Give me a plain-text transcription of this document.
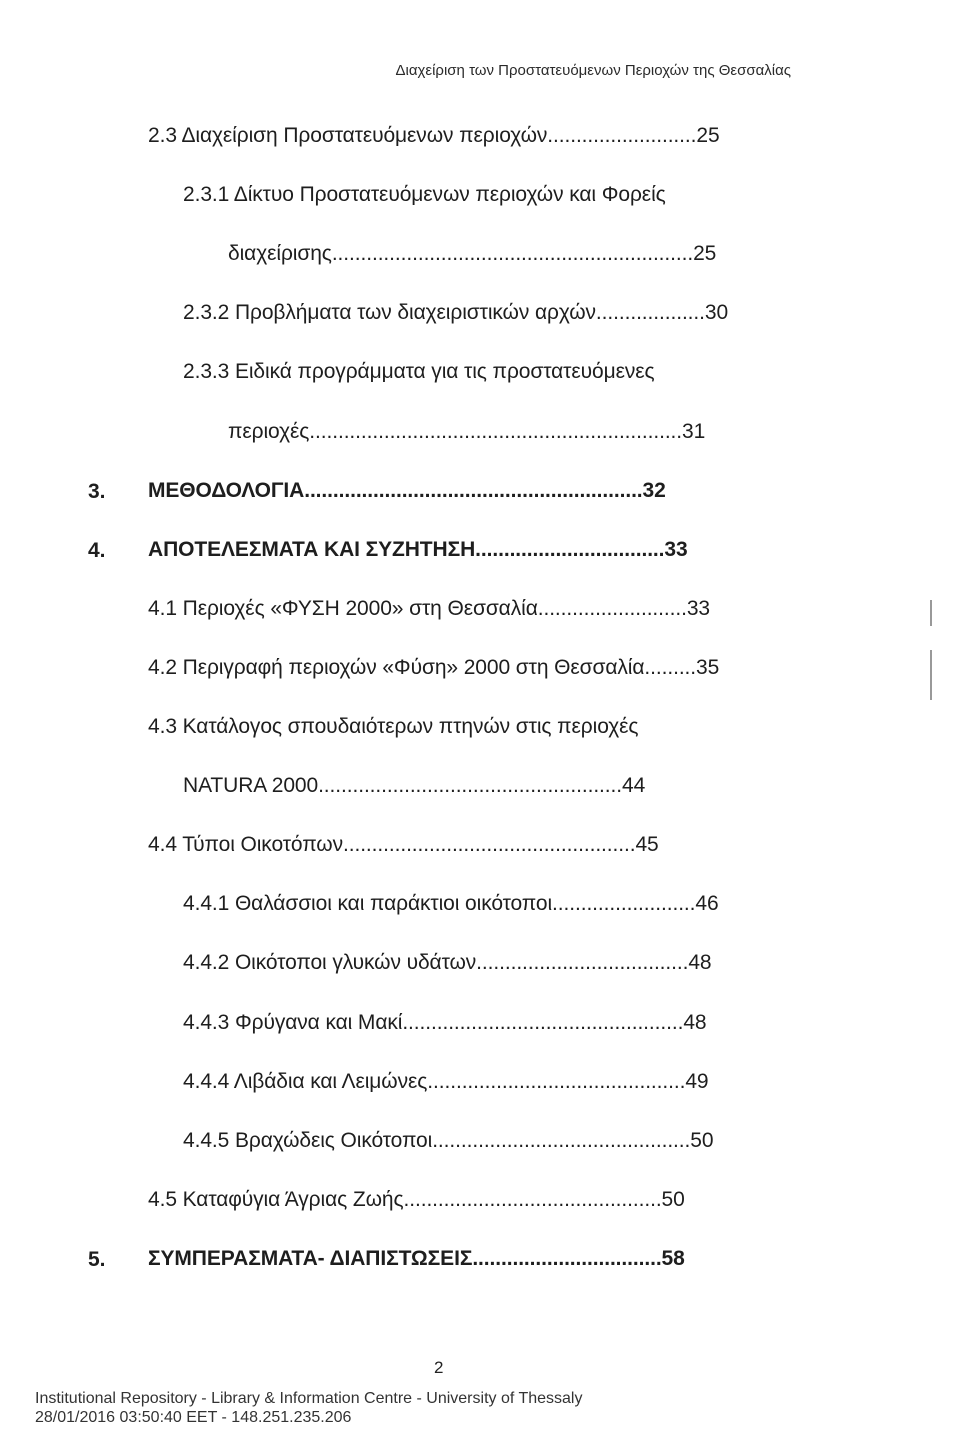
Διαχείριση των Προστατευόμενων Περιοχών της Θεσσαλίας
2.3 Διαχείριση Προστατευόμενων περιοχών..........................25
2.3.1 Δίκτυο Προστατευόμενων περιοχών και Φορείς
διαχείρισης...............................................................25
2.3.2 Προβλήματα των διαχειριστικών αρχών...................30
2.3.3 Ειδικά προγράμματα για τις προστατευόμενες
περιοχές.................................................................31
3. ΜΕΘΟΔΟΛΟΓΙΑ...........................................................32
4. ΑΠΟΤΕΛΕΣΜΑΤΑ ΚΑΙ ΣΥΖΗΤΗΣΗ.................................33
4.1 Περιοχές «ΦΥΣΗ 2000» στη Θεσσαλία..........................33
4.2 Περιγραφή περιοχών «Φύση» 2000 στη Θεσσαλία.........35
4.3 Κατάλογος σπουδαιότερων πτηνών στις περιοχές
NATURA 2000.....................................................44
4.4 Τύποι Οικοτόπων...................................................45
4.4.1 Θαλάσσιοι και παράκτιοι οικότοποι.........................46
4.4.2 Οικότοποι γλυκών υδάτων.....................................48
4.4.3 Φρύγανα και Μακί.................................................48
4.4.4 Λιβάδια και Λειμώνες.............................................49
4.4.5 Βραχώδεις Οικότοποι.............................................50
4.5 Καταφύγια Άγριας Ζωής.............................................50
5. ΣΥΜΠΕΡΑΣΜΑΤΑ- ΔΙΑΠΙΣΤΩΣΕΙΣ.................................58
2
Institutional Repository - Library & Information Centre - University of Thessaly
28/01/2016 03:50:40 EET - 148.251.235.206
